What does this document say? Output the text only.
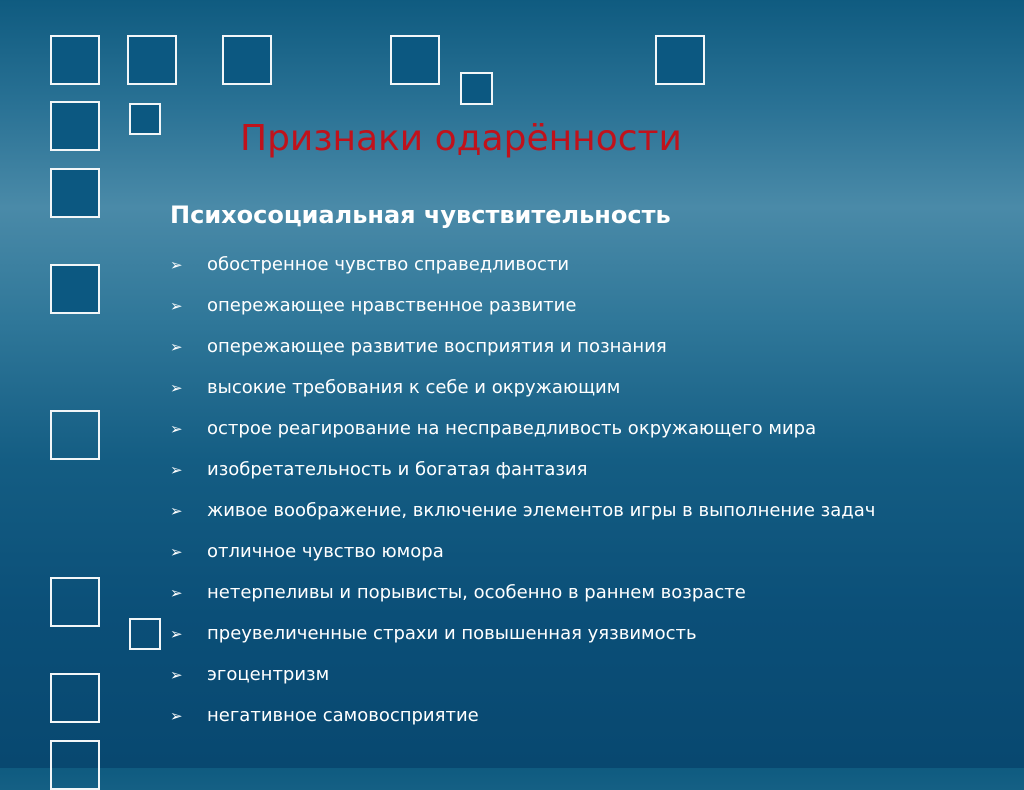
Признаки одарённости
Психосоциальная чувствительность
➢ обостренное чувство справедливости
➢ опережающее нравственное развитие
➢ опережающее развитие восприятия и познания
➢ высокие требования к себе и окружающим
➢ острое реагирование на несправедливость окружающего мира
➢ изобретательность и богатая фантазия
➢ живое воображение, включение элементов игры в выполнение задач
➢ отличное чувство юмора
➢ нетерпеливы и порывисты, особенно в раннем возрасте
➢ преувеличенные страхи и повышенная уязвимость
➢ эгоцентризм
➢ негативное самовосприятие
